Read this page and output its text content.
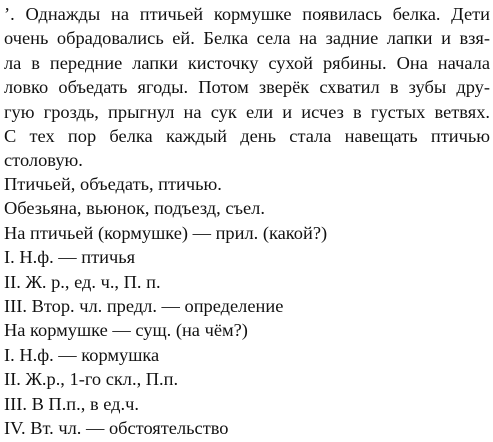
’. Однажды на птичьей кормушке появилась белка. Дети
очень обрадовались ей. Белка села на задние лапки и взя-
ла в передние лапки кисточку сухой рябины. Она начала
ловко объедать ягоды. Потом зверёк схватил в зубы дру-
гую гроздь, прыгнул на сук ели и исчез в густых ветвях.
С тех пор белка каждый день стала навещать птичью
столовую.
Птичьей, объедать, птичью.
Обезьяна, вьюнок, подъезд, съел.
На птичьей (кормушке) — прил. (какой?)
I. Н.ф. — птичья
II. Ж. р., ед. ч., П. п.
III. Втор. чл. предл. — определение
На кормушке — сущ. (на чём?)
I. Н.ф. — кормушка
II. Ж.р., 1-го скл., П.п.
III. В П.п., в ед.ч.
IV. Вт. чл. — обстоятельство
